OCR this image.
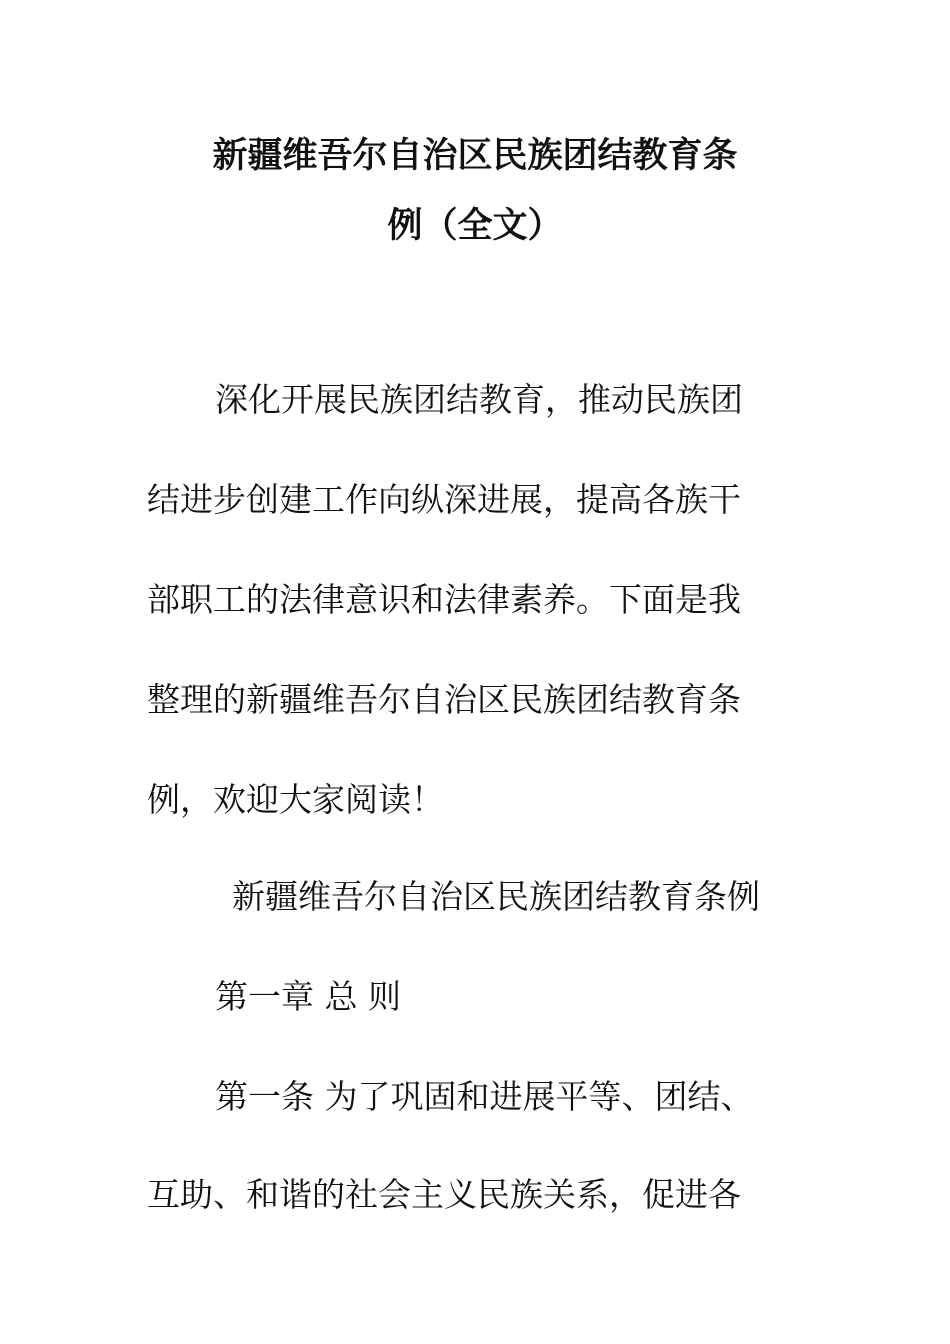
新疆维吾尔自治区民族团结教育条
例（全文）
深化开展民族团结教育，推动民族团
结进步创建工作向纵深进展，提高各族干
部职工的法律意识和法律素养。下面是我
整理的新疆维吾尔自治区民族团结教育条
例，欢迎大家阅读！
新疆维吾尔自治区民族团结教育条例
第一章 总 则
第一条 为了巩固和进展平等、团结、
互助、和谐的社会主义民族关系，促进各
